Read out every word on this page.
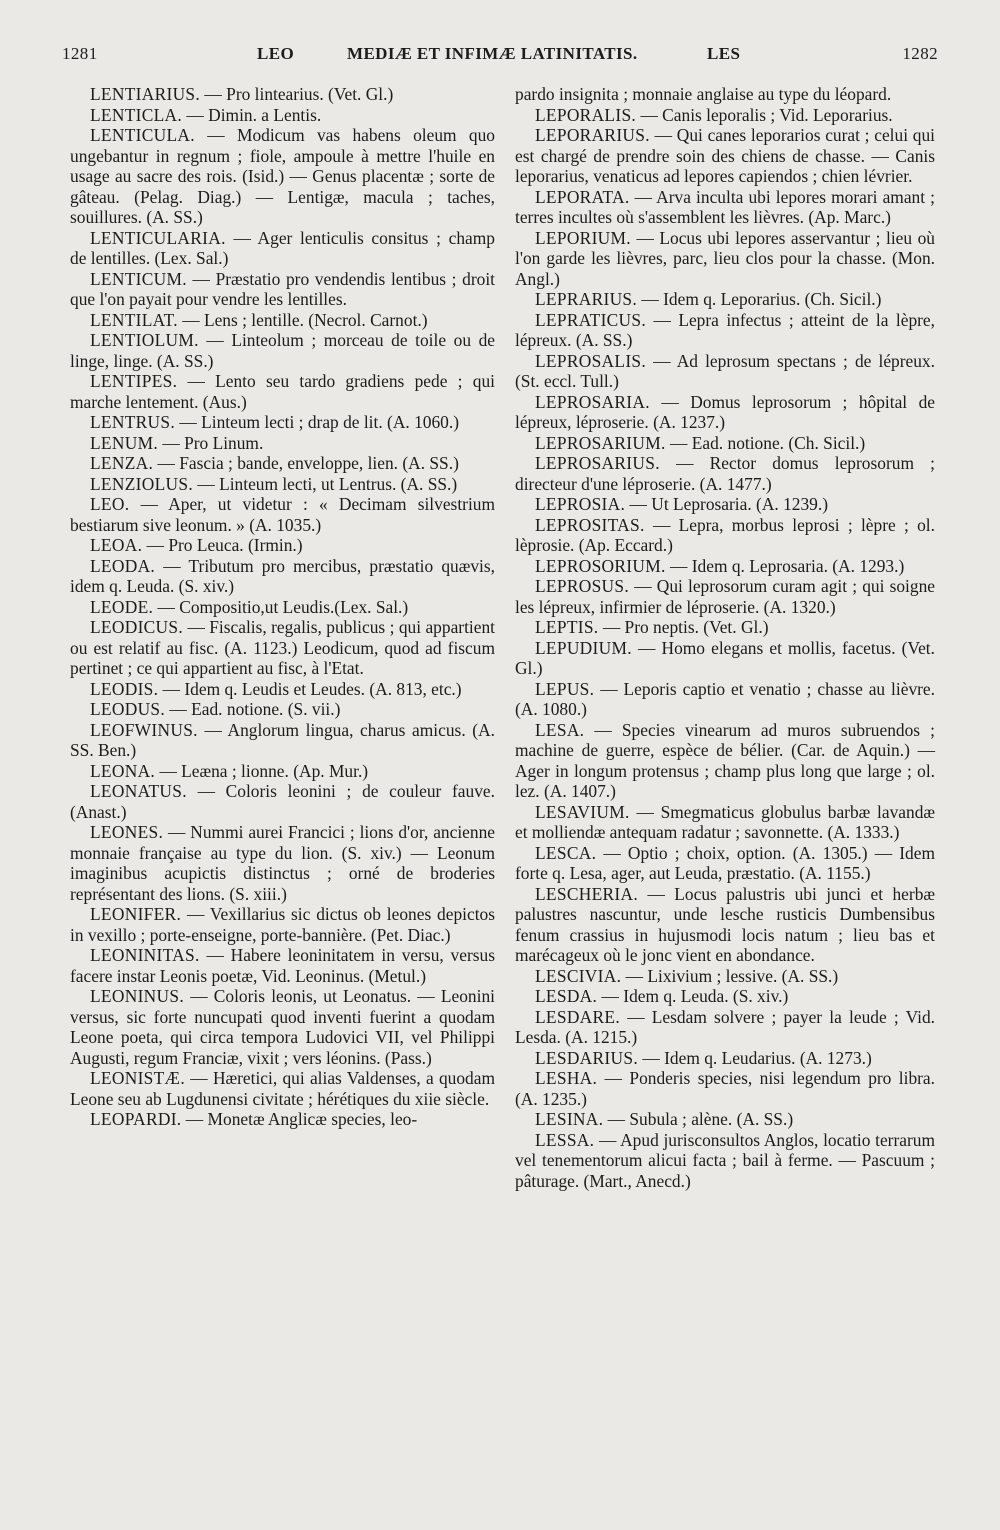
1281	LEO	MEDIÆ ET INFIMÆ LATINITATIS.	LES	1282

LENTIARIUS. — Pro lintearius. (Vet. Gl.)

LENTICLA. — Dimin. a Lentis.

LENTICULA. — Modicum vas habens oleum quo ungebantur in regnum ; fiole, ampoule à mettre l'huile en usage au sacre des rois. (Isid.) — Genus placentæ ; sorte de gâteau. (Pelag. Diag.) — Lentigæ, macula ; taches, souillures. (A. SS.)

LENTICULARIA. — Ager lenticulis consitus ; champ de lentilles. (Lex. Sal.)

LENTICUM. — Præstatio pro vendendis lentibus ; droit que l'on payait pour vendre les lentilles.

LENTILAT. — Lens ; lentille. (Necrol. Carnot.)

LENTIOLUM. — Linteolum ; morceau de toile ou de linge, linge. (A. SS.)

LENTIPES. — Lento seu tardo gradiens pede ; qui marche lentement. (Aus.)

LENTRUS. — Linteum lecti ; drap de lit. (A. 1060.)

LENUM. — Pro Linum.

LENZA. — Fascia ; bande, enveloppe, lien. (A. SS.)

LENZIOLUS. — Linteum lecti, ut Lentrus. (A. SS.)

LEO. — Aper, ut videtur : « Decimam silvestrium bestiarum sive leonum. » (A. 1035.)

LEOA. — Pro Leuca. (Irmin.)

LEODA. — Tributum pro mercibus, præstatio quævis, idem q. Leuda. (S. xiv.)

LEODE. — Compositio,ut Leudis.(Lex. Sal.)

LEODICUS. — Fiscalis, regalis, publicus ; qui appartient ou est relatif au fisc. (A. 1123.) Leodicum, quod ad fiscum pertinet ; ce qui appartient au fisc, à l'Etat.

LEODIS. — Idem q. Leudis et Leudes. (A. 813, etc.)

LEODUS. — Ead. notione. (S. vii.)

LEOFWINUS. — Anglorum lingua, charus amicus. (A. SS. Ben.)

LEONA. — Leæna ; lionne. (Ap. Mur.)

LEONATUS. — Coloris leonini ; de couleur fauve. (Anast.)

LEONES. — Nummi aurei Francici ; lions d'or, ancienne monnaie française au type du lion. (S. xiv.) — Leonum imaginibus acupictis distinctus ; orné de broderies représentant des lions. (S. xiii.)

LEONIFER. — Vexillarius sic dictus ob leones depictos in vexillo ; porte-enseigne, porte-bannière. (Pet. Diac.)

LEONINITAS. — Habere leoninitatem in versu, versus facere instar Leonis poetæ, Vid. Leoninus. (Metul.)

LEONINUS. — Coloris leonis, ut Leonatus. — Leonini versus, sic forte nuncupati quod inventi fuerint a quodam Leone poeta, qui circa tempora Ludovici VII, vel Philippi Augusti, regum Franciæ, vixit ; vers léonins. (Pass.)

LEONISTÆ. — Hæretici, qui alias Valdenses, a quodam Leone seu ab Lugdunensi civitate ; hérétiques du xiie siècle.

LEOPARDI. — Monetæ Anglicæ species, leo-

pardo insignita ; monnaie anglaise au type du léopard.

LEPORALIS. — Canis leporalis ; Vid. Leporarius.

LEPORARIUS. — Qui canes leporarios curat ; celui qui est chargé de prendre soin des chiens de chasse. — Canis leporarius, venaticus ad lepores capiendos ; chien lévrier.

LEPORATA. — Arva inculta ubi lepores morari amant ; terres incultes où s'assemblent les lièvres. (Ap. Marc.)

LEPORIUM. — Locus ubi lepores asservantur ; lieu où l'on garde les lièvres, parc, lieu clos pour la chasse. (Mon. Angl.)

LEPRARIUS. — Idem q. Leporarius. (Ch. Sicil.)

LEPRATICUS. — Lepra infectus ; atteint de la lèpre, lépreux. (A. SS.)

LEPROSALIS. — Ad leprosum spectans ; de lépreux. (St. eccl. Tull.)

LEPROSARIA. — Domus leprosorum ; hôpital de lépreux, léproserie. (A. 1237.)

LEPROSARIUM. — Ead. notione. (Ch. Sicil.)

LEPROSARIUS. — Rector domus leprosorum ; directeur d'une léproserie. (A. 1477.)

LEPROSIA. — Ut Leprosaria. (A. 1239.)

LEPROSITAS. — Lepra, morbus leprosi ; lèpre ; ol. lèprosie. (Ap. Eccard.)

LEPROSORIUM. — Idem q. Leprosaria. (A. 1293.)

LEPROSUS. — Qui leprosorum curam agit ; qui soigne les lépreux, infirmier de léproserie. (A. 1320.)

LEPTIS. — Pro neptis. (Vet. Gl.)

LEPUDIUM. — Homo elegans et mollis, facetus. (Vet. Gl.)

LEPUS. — Leporis captio et venatio ; chasse au lièvre. (A. 1080.)

LESA. — Species vinearum ad muros subruendos ; machine de guerre, espèce de bélier. (Car. de Aquin.) — Ager in longum protensus ; champ plus long que large ; ol. lez. (A. 1407.)

LESAVIUM. — Smegmaticus globulus barbæ lavandæ et molliendæ antequam radatur ; savonnette. (A. 1333.)

LESCA. — Optio ; choix, option. (A. 1305.) — Idem forte q. Lesa, ager, aut Leuda, præstatio. (A. 1155.)

LESCHERIA. — Locus palustris ubi junci et herbæ palustres nascuntur, unde lesche rusticis Dumbensibus fenum crassius in hujusmodi locis natum ; lieu bas et marécageux où le jonc vient en abondance.

LESCIVIA. — Lixivium ; lessive. (A. SS.)

LESDA. — Idem q. Leuda. (S. xiv.)

LESDARE. — Lesdam solvere ; payer la leude ; Vid. Lesda. (A. 1215.)

LESDARIUS. — Idem q. Leudarius. (A. 1273.)

LESHA. — Ponderis species, nisi legendum pro libra. (A. 1235.)

LESINA. — Subula ; alène. (A. SS.)

LESSA. — Apud jurisconsultos Anglos, locatio terrarum vel tenementorum alicui facta ; bail à ferme. — Pascuum ; pâturage. (Mart., Anecd.)
